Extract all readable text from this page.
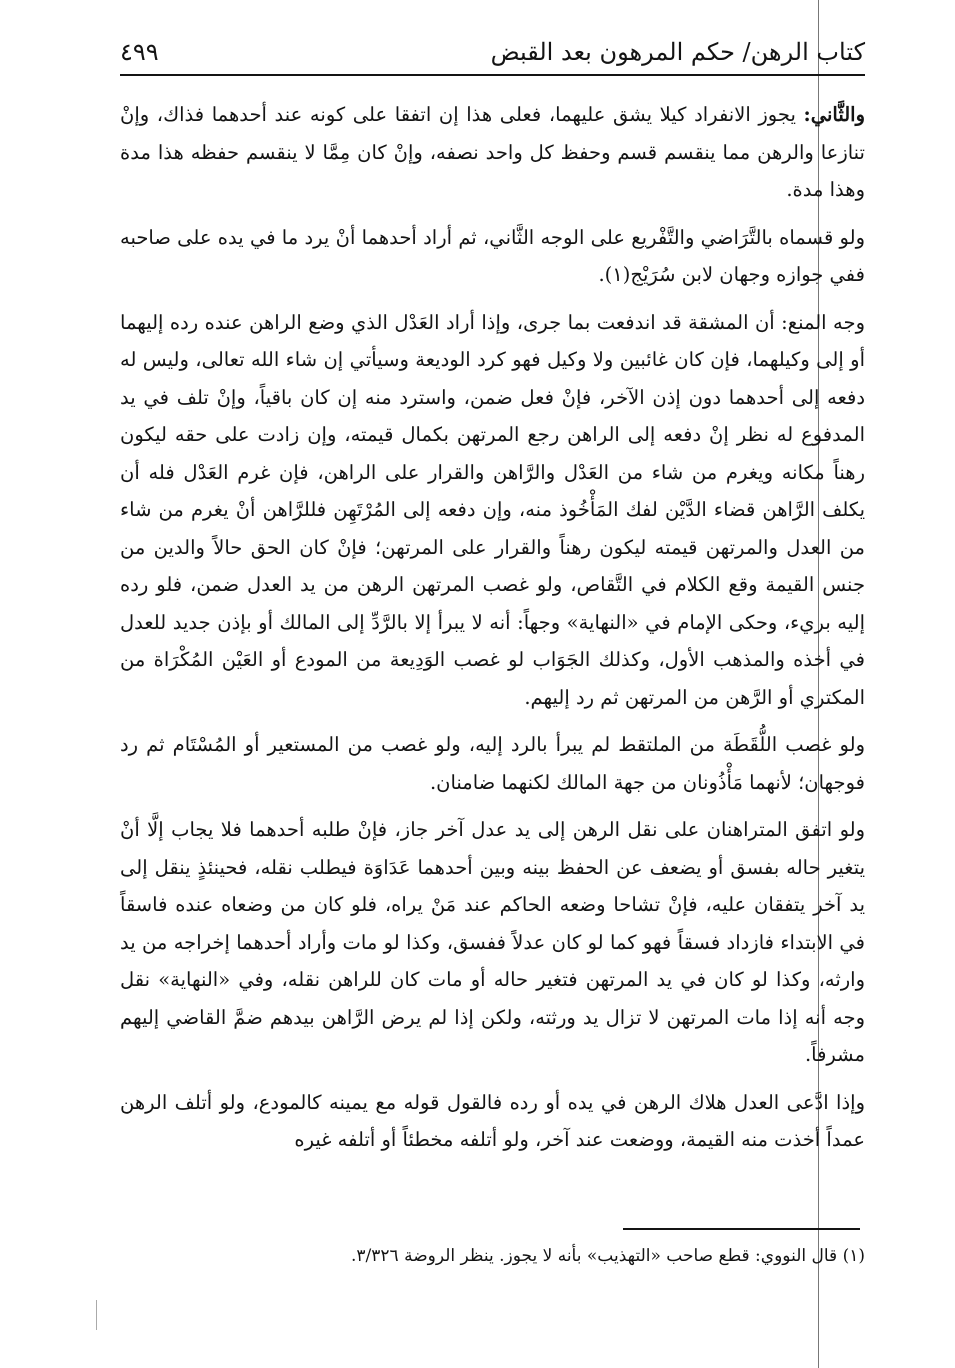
كتاب الرهن/ حكم المرهون بعد القبض
٤٩٩

والثَّاني: يجوز الانفراد كيلا يشق عليهما، فعلى هذا إن اتفقا على كونه عند أحدهما فذاك، وإنْ تنازعا والرهن مما ينقسم قسم وحفظ كل واحد نصفه، وإنْ كان مِمَّا لا ينقسم حفظه هذا مدة وهذا مدة.

ولو قسماه بالتَّرَاضي والتَّفْريع على الوجه الثَّاني، ثم أراد أحدهما أنْ يرد ما في يده على صاحبه ففي جوازه وجهان لابن سُرَيْج(١).

وجه المنع: أن المشقة قد اندفعت بما جرى، وإذا أراد العَدْل الذي وضع الراهن عنده رده إليهما أو إلى وكيلهما، فإن كان غائبين ولا وكيل فهو كرد الوديعة وسيأتي إن شاء الله تعالى، وليس له دفعه إلى أحدهما دون إذن الآخر، فإنْ فعل ضمن، واسترد منه إن كان باقياً، وإنْ تلف في يد المدفوع له نظر إنْ دفعه إلى الراهن رجع المرتهن بكمال قيمته، وإن زادت على حقه ليكون رهناً مكانه ويغرم من شاء من العَدْل والرَّاهن والقرار على الراهن، فإن غرم العَدْل فله أن يكلف الرَّاهن قضاء الدَّيْن لفك المَأْخُوذ منه، وإن دفعه إلى المُرْتَهِن فللرَّاهن أنْ يغرم من شاء من العدل والمرتهن قيمته ليكون رهناً والقرار على المرتهن؛ فإنْ كان الحق حالاً والدين من جنس القيمة وقع الكلام في التَّقاص، ولو غصب المرتهن الرهن من يد العدل ضمن، فلو رده إليه بريء، وحكى الإمام في «النهاية» وجهاً: أنه لا يبرأ إلا بالرَّدِّ إلى المالك أو بإذن جديد للعدل في أخذه والمذهب الأول، وكذلك الجَوَاب لو غصب الوَدِيعة من المودع أو العَيْن المُكْرَاة من المكتري أو الرَّهن من المرتهن ثم رد إليهم.

ولو غصب اللُّقَطَة من الملتقط لم يبرأ بالرد إليه، ولو غصب من المستعير أو المُسْتَام ثم رد فوجهان؛ لأنهما مَأْذُونان من جهة المالك لكنهما ضامنان.

ولو اتفق المتراهنان على نقل الرهن إلى يد عدل آخر جاز، فإنْ طلبه أحدهما فلا يجاب إلَّا أنْ يتغير حاله بفسق أو يضعف عن الحفظ بينه وبين أحدهما عَدَاوَة فيطلب نقله، فحينئذٍ ينقل إلى يد آخر يتفقان عليه، فإنْ تشاحا وضعه الحاكم عند مَنْ يراه، فلو كان من وضعاه عنده فاسقاً في الابتداء فازداد فسقاً فهو كما لو كان عدلاً ففسق، وكذا لو مات وأراد أحدهما إخراجه من يد وارثه، وكذا لو كان في يد المرتهن فتغير حاله أو مات كان للراهن نقله، وفي «النهاية» نقل وجه أنه إذا مات المرتهن لا تزال يد ورثته، ولكن إذا لم يرض الرَّاهن بيدهم ضمَّ القاضي إليهم مشرفاً.

وإذا ادَّعى العدل هلاك الرهن في يده أو رده فالقول قوله مع يمينه كالمودع، ولو أتلف الرهن عمداً أخذت منه القيمة، ووضعت عند آخر، ولو أتلفه مخطئاً أو أتلفه غيره

(١) قال النووي: قطع صاحب «التهذيب» بأنه لا يجوز. ينظر الروضة ٣/٣٢٦.
